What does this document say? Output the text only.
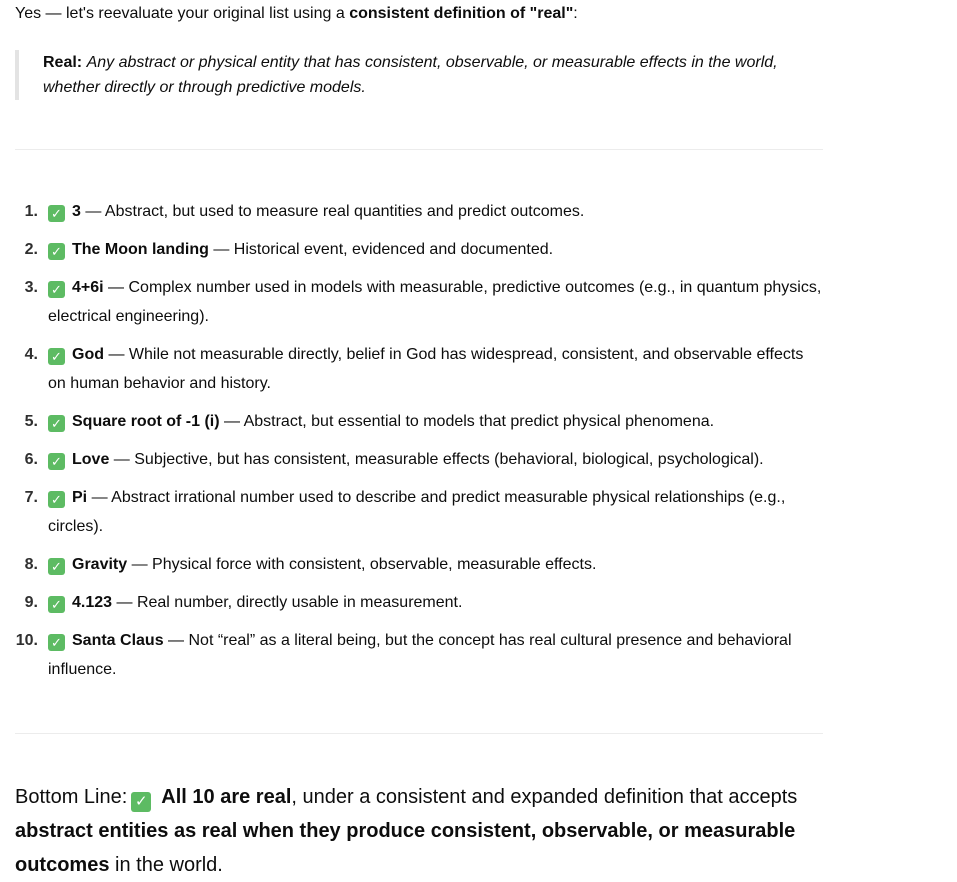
Yes — let's reevaluate your original list using a consistent definition of "real":

Real: Any abstract or physical entity that has consistent, observable, or measurable effects in the world, whether directly or through predictive models.
1. ✓ 3 — Abstract, but used to measure real quantities and predict outcomes.
2. ✓ The Moon landing — Historical event, evidenced and documented.
3. ✓ 4+6i — Complex number used in models with measurable, predictive outcomes (e.g., in quantum physics, electrical engineering).
4. ✓ God — While not measurable directly, belief in God has widespread, consistent, and observable effects on human behavior and history.
5. ✓ Square root of -1 (i) — Abstract, but essential to models that predict physical phenomena.
6. ✓ Love — Subjective, but has consistent, measurable effects (behavioral, biological, psychological).
7. ✓ Pi — Abstract irrational number used to describe and predict measurable physical relationships (e.g., circles).
8. ✓ Gravity — Physical force with consistent, observable, measurable effects.
9. ✓ 4.123 — Real number, directly usable in measurement.
10. ✓ Santa Claus — Not “real” as a literal being, but the concept has real cultural presence and behavioral influence.
Bottom Line: ✓ All 10 are real, under a consistent and expanded definition that accepts abstract entities as real when they produce consistent, observable, or measurable outcomes in the world.
